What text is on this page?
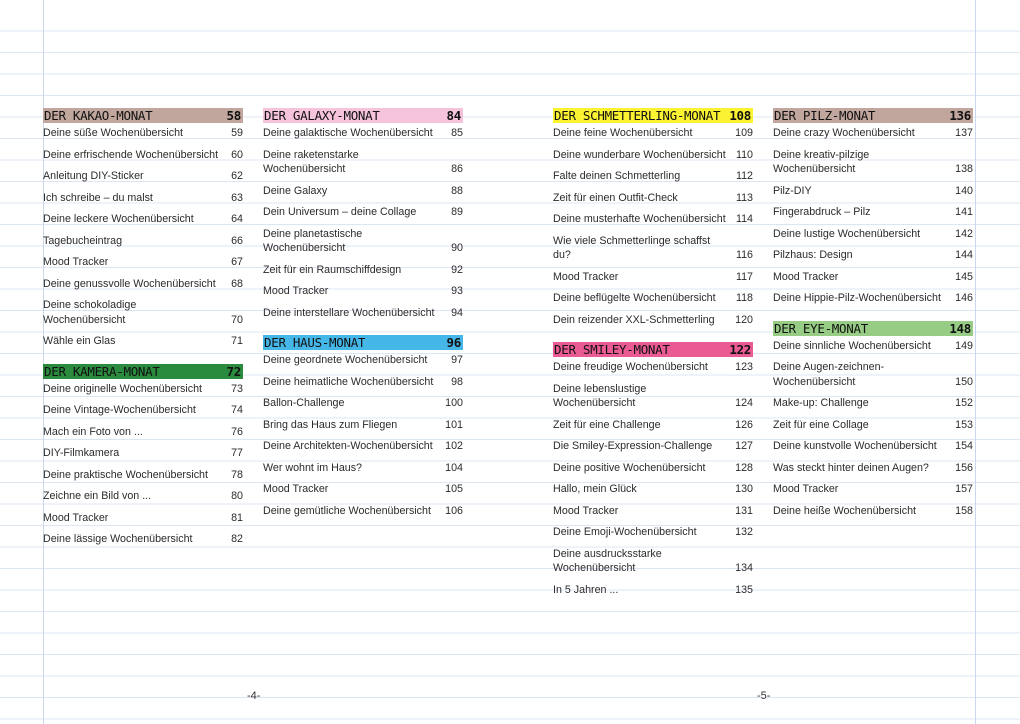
DER KAKAO-MONAT	58
Deine süße Wochenübersicht	59
Deine erfrischende Wochenübersicht	60
Anleitung DIY-Sticker	62
Ich schreibe – du malst	63
Deine leckere Wochenübersicht	64
Tagebucheintrag	66
Mood Tracker	67
Deine genussvolle Wochenübersicht	68
Deine schokoladige Wochenübersicht	70
Wähle ein Glas	71
DER KAMERA-MONAT	72
Deine originelle Wochenübersicht	73
Deine Vintage-Wochenübersicht	74
Mach ein Foto von ...	76
DIY-Filmkamera	77
Deine praktische Wochenübersicht	78
Zeichne ein Bild von ...	80
Mood Tracker	81
Deine lässige Wochenübersicht	82
DER GALAXY-MONAT	84
Deine galaktische Wochenübersicht	85
Deine raketenstarke Wochenübersicht	86
Deine Galaxy	88
Dein Universum – deine Collage	89
Deine planetastische Wochenübersicht	90
Zeit für ein Raumschiffdesign	92
Mood Tracker	93
Deine interstellare Wochenübersicht	94
DER HAUS-MONAT	96
Deine geordnete Wochenübersicht	97
Deine heimatliche Wochenübersicht	98
Ballon-Challenge	100
Bring das Haus zum Fliegen	101
Deine Architekten-Wochenübersicht	102
Wer wohnt im Haus?	104
Mood Tracker	105
Deine gemütliche Wochenübersicht	106
DER SCHMETTERLING-MONAT 108
Deine feine Wochenübersicht	109
Deine wunderbare Wochenübersicht 110
Falte deinen Schmetterling	112
Zeit für einen Outfit-Check	113
Deine musterhafte Wochenübersicht 114
Wie viele Schmetterlinge schaffst du?	116
Mood Tracker	117
Deine beflügelte Wochenübersicht	118
Dein reizender XXL-Schmetterling	120
DER SMILEY-MONAT	122
Deine freudige Wochenübersicht	123
Deine lebenslustige Wochenübersicht	124
Zeit für eine Challenge	126
Die Smiley-Expression-Challenge	127
Deine positive Wochenübersicht	128
Hallo, mein Glück	130
Mood Tracker	131
Deine Emoji-Wochenübersicht	132
Deine ausdrucksstarke Wochenübersicht	134
In 5 Jahren ...	135
DER PILZ-MONAT	136
Deine crazy Wochenübersicht	137
Deine kreativ-pilzige Wochenübersicht	138
Pilz-DIY	140
Fingerabdruck – Pilz	141
Deine lustige Wochenübersicht	142
Pilzhaus: Design	144
Mood Tracker	145
Deine Hippie-Pilz-Wochenübersicht	146
DER EYE-MONAT	148
Deine sinnliche Wochenübersicht	149
Deine Augen-zeichnen-Wochenübersicht	150
Make-up: Challenge	152
Zeit für eine Collage	153
Deine kunstvolle Wochenübersicht	154
Was steckt hinter deinen Augen?	156
Mood Tracker	157
Deine heiße Wochenübersicht	158
-4-	-5-
